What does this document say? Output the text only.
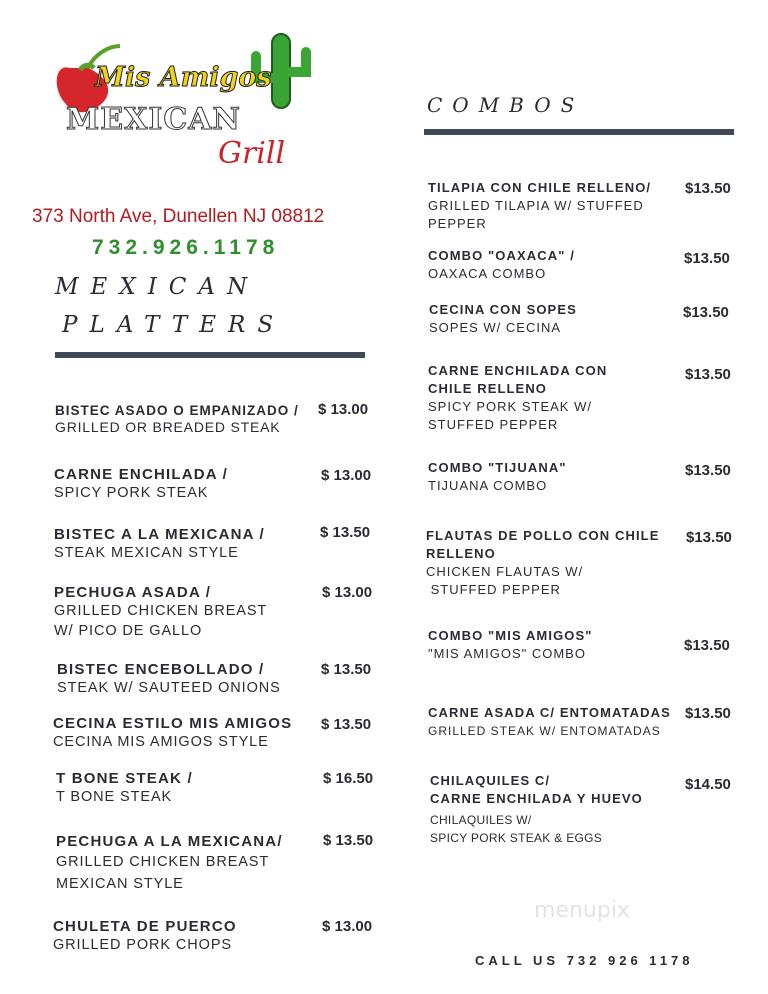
Mis Amigos
MEXICAN
Grill
373 North Ave, Dunellen NJ 08812
732.926.1178
MEXICAN
PLATTERS
BISTEC ASADO O EMPANIZADO /
GRILLED OR BREADED STEAK
$ 13.00
CARNE ENCHILADA /
SPICY PORK STEAK
$ 13.00
BISTEC A LA MEXICANA /
STEAK MEXICAN STYLE
$ 13.50
PECHUGA ASADA /
GRILLED CHICKEN BREAST
W/ PICO DE GALLO
$ 13.00
BISTEC ENCEBOLLADO /
STEAK W/ SAUTEED ONIONS
$ 13.50
CECINA ESTILO MIS AMIGOS
CECINA MIS AMIGOS STYLE
$ 13.50
T BONE STEAK /
T BONE STEAK
$ 16.50
PECHUGA A LA MEXICANA/
GRILLED CHICKEN BREAST
MEXICAN STYLE
$ 13.50
CHULETA DE PUERCO
GRILLED PORK CHOPS
$ 13.00
COMBOS
TILAPIA CON CHILE RELLENO/
GRILLED TILAPIA W/ STUFFED
PEPPER
$13.50
COMBO "OAXACA" /
OAXACA COMBO
$13.50
CECINA CON SOPES
SOPES W/ CECINA
$13.50
CARNE ENCHILADA CON
CHILE RELLENO
SPICY PORK STEAK W/
STUFFED PEPPER
$13.50
COMBO "TIJUANA"
TIJUANA COMBO
$13.50
FLAUTAS DE POLLO CON CHILE
RELLENO
CHICKEN FLAUTAS W/
STUFFED PEPPER
$13.50
COMBO "MIS AMIGOS"
"MIS AMIGOS" COMBO	$13.50
CARNE ASADA C/ ENTOMATADAS
GRILLED STEAK W/ ENTOMATADAS
$13.50
CHILAQUILES C/
CARNE ENCHILADA Y HUEVO
CHILAQUILES W/
SPICY PORK STEAK & EGGS
$14.50
menupix
CALL US 732 926 1178
